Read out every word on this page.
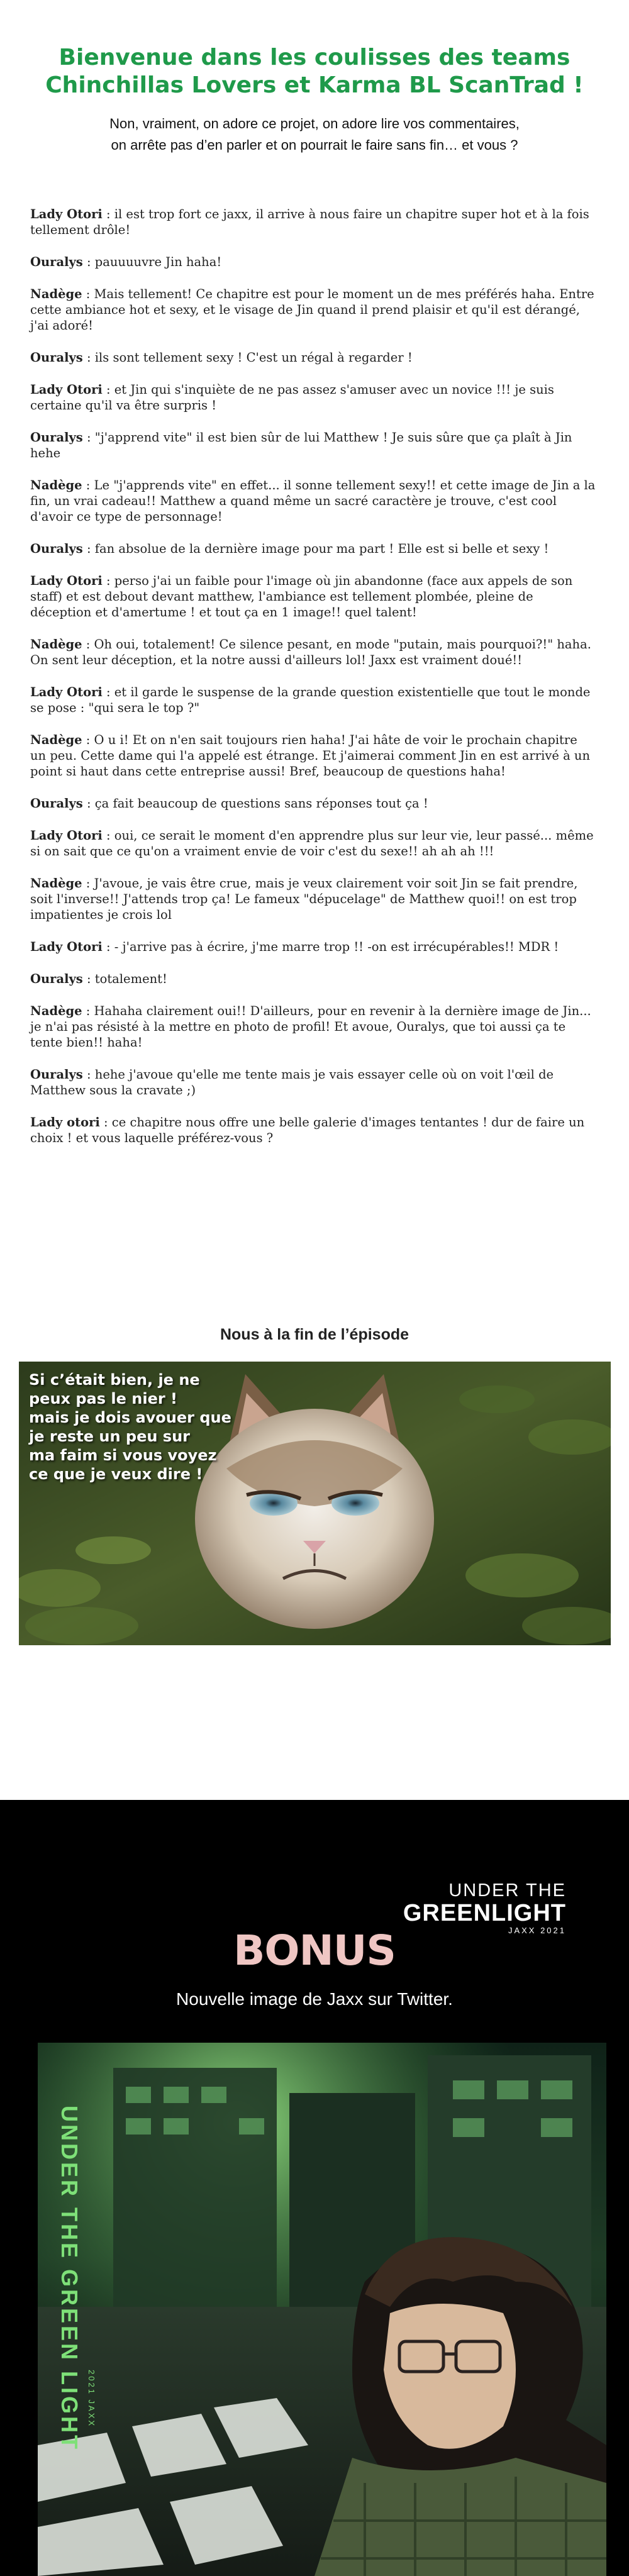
Bienvenue dans les coulisses des teams
Chinchillas Lovers et Karma BL ScanTrad !
Non, vraiment, on adore ce projet, on adore lire vos commentaires,
on arrête pas d’en parler et on pourrait le faire sans fin… et vous ?

Lady Otori : il est trop fort ce jaxx, il arrive à nous faire un chapitre super hot et à la fois tellement drôle!

Ouralys : pauuuuvre Jin haha!

Nadège : Mais tellement! Ce chapitre est pour le moment un de mes préférés haha. Entre cette ambiance hot et sexy, et le visage de Jin quand il prend plaisir et qu'il est dérangé, j'ai adoré!

Ouralys : ils sont tellement sexy ! C'est un régal à regarder !

Lady Otori : et Jin qui s'inquiète de ne pas assez s'amuser avec un novice !!! je suis certaine qu'il va être surpris !

Ouralys : "j'apprend vite" il est bien sûr de lui Matthew ! Je suis sûre que ça plaît à Jin hehe

Nadège : Le "j'apprends vite" en effet... il sonne tellement sexy!! et cette image de Jin a la fin, un vrai cadeau!! Matthew a quand même un sacré caractère je trouve, c'est cool d'avoir ce type de personnage!

Ouralys : fan absolue de la dernière image pour ma part ! Elle est si belle et sexy !

Lady Otori : perso j'ai un faible pour l'image où jin abandonne (face aux appels de son staff) et est debout devant matthew, l'ambiance est tellement plombée, pleine de déception et d'amertume ! et tout ça en 1 image!! quel talent!

Nadège : Oh oui, totalement! Ce silence pesant, en mode "putain, mais pourquoi?!" haha. On sent leur déception, et la notre aussi d'ailleurs lol! Jaxx est vraiment doué!!

Lady Otori : et il garde le suspense de la grande question existentielle que tout le monde se pose : "qui sera le top ?"

Nadège : O u i! Et on n'en sait toujours rien haha! J'ai hâte de voir le prochain chapitre un peu. Cette dame qui l'a appelé est étrange. Et j'aimerai comment Jin en est arrivé à un point si haut dans cette entreprise aussi! Bref, beaucoup de questions haha!

Ouralys : ça fait beaucoup de questions sans réponses tout ça !

Lady Otori : oui, ce serait le moment d'en apprendre plus sur leur vie, leur passé... même si on sait que ce qu'on a vraiment envie de voir c'est du sexe!! ah ah ah !!!

Nadège : J'avoue, je vais être crue, mais je veux clairement voir soit Jin se fait prendre, soit l'inverse!! J'attends trop ça! Le fameux "dépucelage" de Matthew quoi!! on est trop impatientes je crois lol

Lady Otori : - j'arrive pas à écrire, j'me marre trop !! -on est irrécupérables!! MDR !

Ouralys : totalement!

Nadège : Hahaha clairement oui!! D'ailleurs, pour en revenir à la dernière image de Jin... je n'ai pas résisté à la mettre en photo de profil! Et avoue, Ouralys, que toi aussi ça te tente bien!! haha!

Ouralys : hehe j'avoue qu'elle me tente mais je vais essayer celle où on voit l'œil de Matthew sous la cravate ;)

Lady otori : ce chapitre nous offre une belle galerie d'images tentantes ! dur de faire un choix ! et vous laquelle préférez-vous ?

Nous à la fin de l’épisode
Si c’était bien, je ne
peux pas le nier !
mais je dois avouer que
je reste un peu sur
ma faim si vous voyez
ce que je veux dire !
UNDER THE
GREENLIGHT
JAXX 2021
BONUS
Nouvelle image de Jaxx sur Twitter.
UNDER THE GREEN LIGHT 2021 JAXX
